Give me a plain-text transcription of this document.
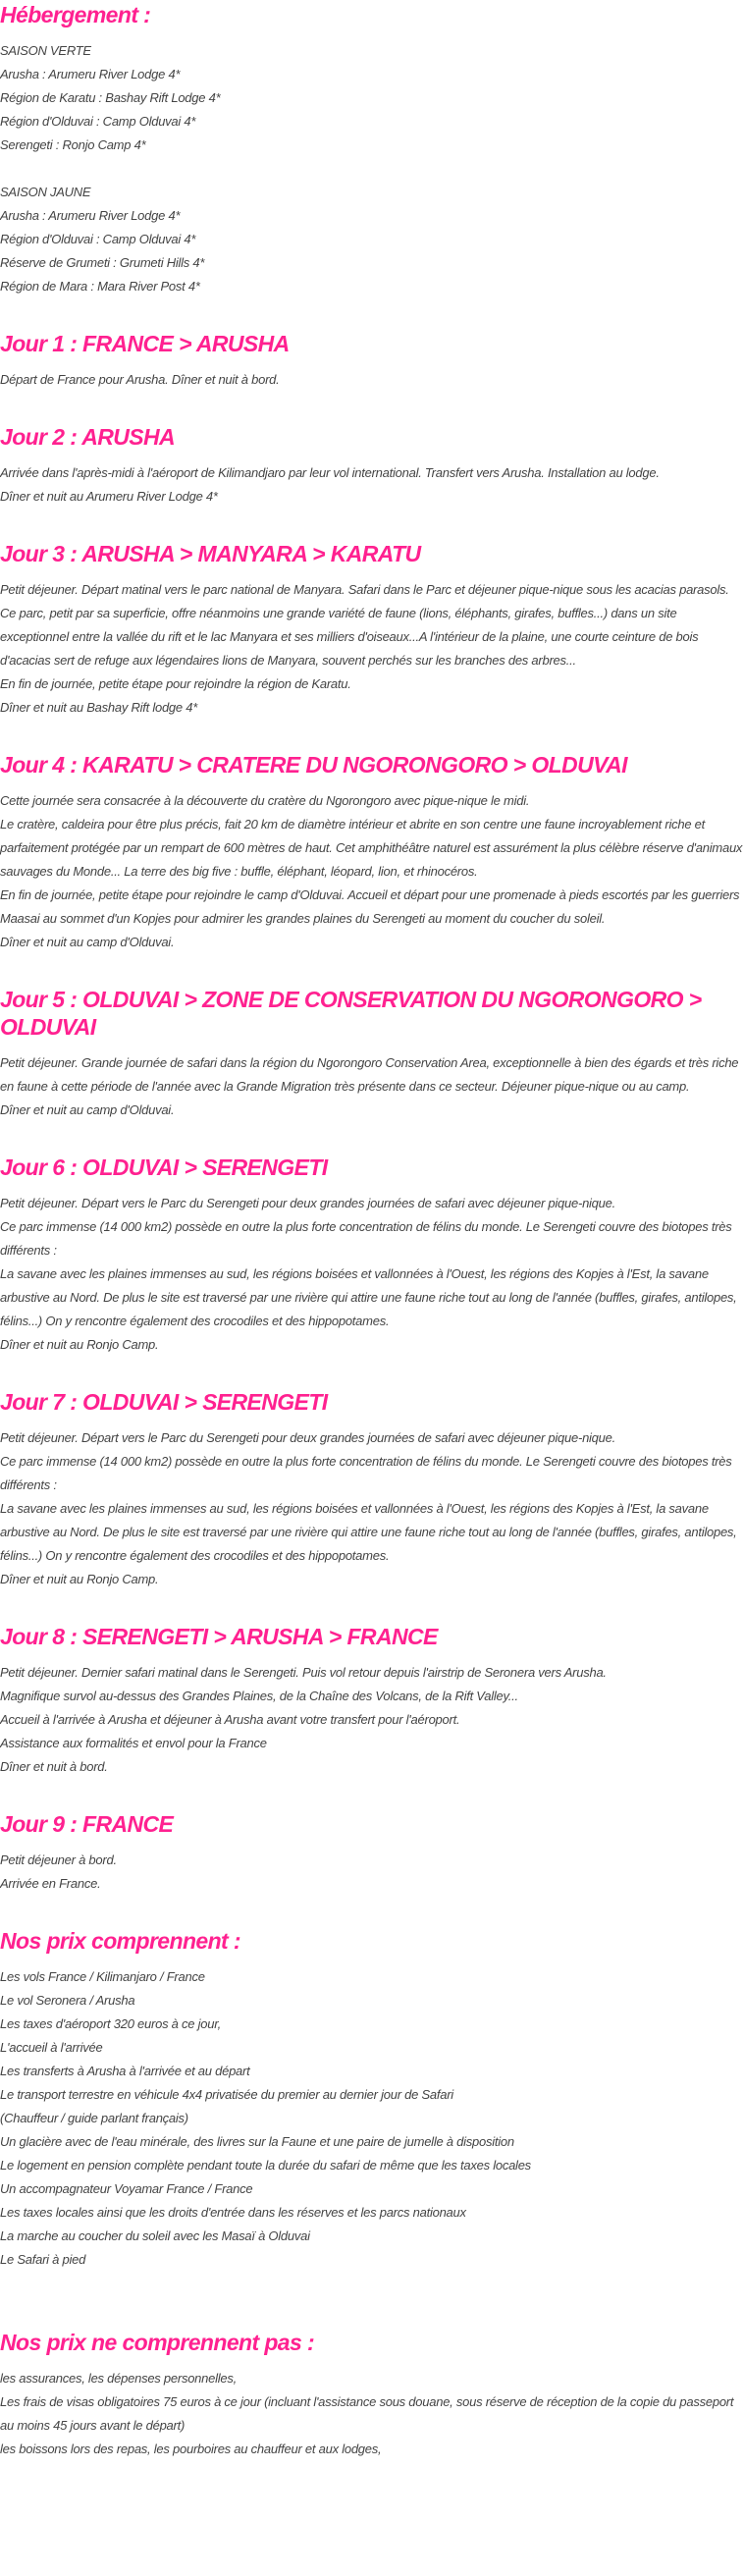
Hébergement :

SAISON VERTE

Arusha : Arumeru River Lodge 4*

Région de Karatu : Bashay Rift Lodge 4*

Région d'Olduvai : Camp Olduvai 4*

Serengeti : Ronjo Camp 4*

SAISON JAUNE

Arusha : Arumeru River Lodge 4*

Région d'Olduvai : Camp Olduvai 4*

Réserve de Grumeti : Grumeti Hills 4*

Région de Mara : Mara River Post 4*

Jour 1 : FRANCE > ARUSHA

Départ de France pour Arusha. Dîner et nuit à bord.

Jour 2 : ARUSHA

Arrivée dans l'après-midi à l'aéroport de Kilimandjaro par leur vol international. Transfert vers Arusha. Installation au lodge.

Dîner et nuit au Arumeru River Lodge 4*

Jour 3 : ARUSHA > MANYARA > KARATU

Petit déjeuner. Départ matinal vers le parc national de Manyara. Safari dans le Parc et déjeuner pique-nique sous les acacias parasols.

Ce parc, petit par sa superficie, offre néanmoins une grande variété de faune (lions, éléphants, girafes, buffles...) dans un site exceptionnel entre la vallée du rift et le lac Manyara et ses milliers d'oiseaux...A l'intérieur de la plaine, une courte ceinture de bois d'acacias sert de refuge aux légendaires lions de Manyara, souvent perchés sur les branches des arbres...

En fin de journée, petite étape pour rejoindre la région de Karatu.

Dîner et nuit au Bashay Rift lodge 4*

Jour 4 : KARATU > CRATERE DU NGORONGORO > OLDUVAI

Cette journée sera consacrée à la découverte du cratère du Ngorongoro avec pique-nique le midi.

Le cratère, caldeira pour être plus précis, fait 20 km de diamètre intérieur et abrite en son centre une faune incroyablement riche et parfaitement protégée par un rempart de 600 mètres de haut. Cet amphithéâtre naturel est assurément la plus célèbre réserve d'animaux sauvages du Monde... La terre des big five : buffle, éléphant, léopard, lion, et rhinocéros.

En fin de journée, petite étape pour rejoindre le camp d'Olduvai. Accueil et départ pour une promenade à pieds escortés par les guerriers Maasai au sommet d'un Kopjes pour admirer les grandes plaines du Serengeti au moment du coucher du soleil.

Dîner et nuit au camp d'Olduvai.

Jour 5 : OLDUVAI > ZONE DE CONSERVATION DU NGORONGORO > OLDUVAI

Petit déjeuner. Grande journée de safari dans la région du Ngorongoro Conservation Area, exceptionnelle à bien des égards et très riche en faune à cette période de l'année avec la Grande Migration très présente dans ce secteur. Déjeuner pique-nique ou au camp.

Dîner et nuit au camp d'Olduvai.

Jour 6 : OLDUVAI > SERENGETI

Petit déjeuner. Départ vers le Parc du Serengeti pour deux grandes journées de safari avec déjeuner pique-nique.

Ce parc immense (14 000 km2) possède en outre la plus forte concentration de félins du monde. Le Serengeti couvre des biotopes très différents :

La savane avec les plaines immenses au sud, les régions boisées et vallonnées à l'Ouest, les régions des Kopjes à l'Est, la savane arbustive au Nord. De plus le site est traversé par une rivière qui attire une faune riche tout au long de l'année (buffles, girafes, antilopes, félins...) On y rencontre également des crocodiles et des hippopotames.

Dîner et nuit au Ronjo Camp.

Jour 7 : OLDUVAI > SERENGETI

Petit déjeuner. Départ vers le Parc du Serengeti pour deux grandes journées de safari avec déjeuner pique-nique.

Ce parc immense (14 000 km2) possède en outre la plus forte concentration de félins du monde. Le Serengeti couvre des biotopes très différents :

La savane avec les plaines immenses au sud, les régions boisées et vallonnées à l'Ouest, les régions des Kopjes à l'Est, la savane arbustive au Nord. De plus le site est traversé par une rivière qui attire une faune riche tout au long de l'année (buffles, girafes, antilopes, félins...) On y rencontre également des crocodiles et des hippopotames.

Dîner et nuit au Ronjo Camp.

Jour 8 : SERENGETI > ARUSHA > FRANCE

Petit déjeuner. Dernier safari matinal dans le Serengeti. Puis vol retour depuis l'airstrip de Seronera vers Arusha.

Magnifique survol au-dessus des Grandes Plaines, de la Chaîne des Volcans, de la Rift Valley...

Accueil à l'arrivée à Arusha et déjeuner à Arusha avant votre transfert pour l'aéroport.

Assistance aux formalités et envol pour la France

Dîner et nuit à bord.

Jour 9 : FRANCE

Petit déjeuner à bord.

Arrivée en France.

Nos prix comprennent :

Les vols France / Kilimanjaro / France

Le vol Seronera / Arusha

Les taxes d'aéroport 320 euros à ce jour,

L'accueil à l'arrivée

Les transferts à Arusha à l'arrivée et au départ

Le transport terrestre en véhicule 4x4 privatisée du premier au dernier jour de Safari

(Chauffeur / guide parlant français)

Un glacière avec de l'eau minérale, des livres sur la Faune et une paire de jumelle à disposition

Le logement en pension complète pendant toute la durée du safari de même que les taxes locales

Un accompagnateur Voyamar France / France

Les taxes locales ainsi que les droits d'entrée dans les réserves et les parcs nationaux

La marche au coucher du soleil avec les Masaï à Olduvai

Le Safari à pied

Nos prix ne comprennent pas :

les assurances, les dépenses personnelles,

Les frais de visas obligatoires 75 euros à ce jour (incluant l'assistance sous douane, sous réserve de réception de la copie du passeport au moins 45 jours avant le départ)

les boissons lors des repas, les pourboires au chauffeur et aux lodges,
